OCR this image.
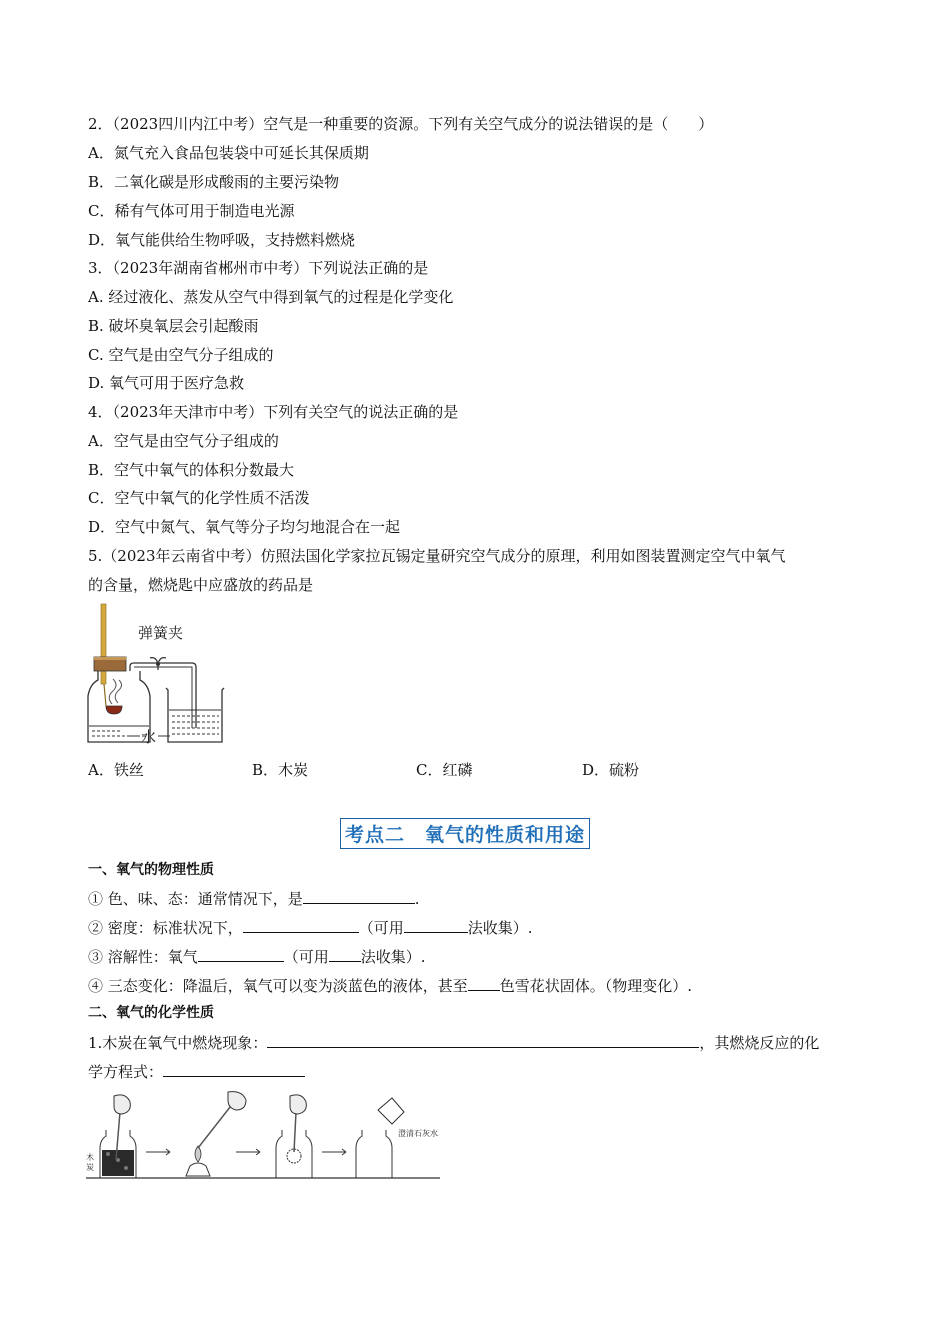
2．（2023四川内江中考）空气是一种重要的资源。下列有关空气成分的说法错误的是（　　）
A．氮气充入食品包装袋中可延长其保质期
B．二氧化碳是形成酸雨的主要污染物
C．稀有气体可用于制造电光源
D．氧气能供给生物呼吸，支持燃料燃烧
3．（2023年湖南省郴州市中考）下列说法正确的是
A. 经过液化、蒸发从空气中得到氧气的过程是化学变化
B. 破坏臭氧层会引起酸雨
C. 空气是由空气分子组成的
D. 氧气可用于医疗急救
4．（2023年天津市中考）下列有关空气的说法正确的是
A．空气是由空气分子组成的
B．空气中氧气的体积分数最大
C．空气中氧气的化学性质不活泼
D．空气中氮气、氧气等分子均匀地混合在一起
5.（2023年云南省中考）仿照法国化学家拉瓦锡定量研究空气成分的原理，利用如图装置测定空气中氧气
的含量，燃烧匙中应盛放的药品是
弹簧夹
水
A．铁丝	B．木炭	C．红磷	D．硫粉
考点二　氧气的性质和用途
一、氧气的物理性质
① 色、味、态：通常情况下，是	.
② 密度：标准状况下，	（可用	法收集）.
③ 溶解性：氧气	（可用 法收集）.
④ 三态变化：降温后，氧气可以变为淡蓝色的液体，甚至 色雪花状固体。（物理变化）.
二、氧气的化学性质
1.木炭在氧气中燃烧现象：	，其燃烧反应的化
学方程式：
木
炭
澄清石灰水
